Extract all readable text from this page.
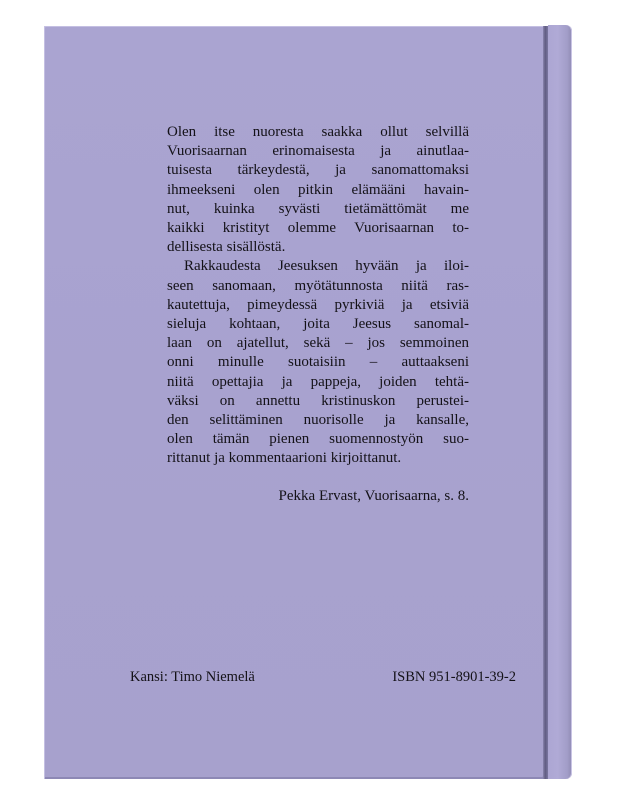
Olen itse nuoresta saakka ollut selvillä
Vuorisaarnan erinomaisesta ja ainutlaa-
tuisesta tärkeydestä, ja sanomattomaksi
ihmeekseni olen pitkin elämääni havain-
nut, kuinka syvästi tietämättömät me
kaikki kristityt olemme Vuorisaarnan to-
dellisesta sisällöstä.

Rakkaudesta Jeesuksen hyvään ja iloi-
seen sanomaan, myötätunnosta niitä ras-
kautettuja, pimeydessä pyrkiviä ja etsiviä
sieluja kohtaan, joita Jeesus sanomal-
laan on ajatellut, sekä – jos semmoinen
onni minulle suotaisiin – auttaakseni
niitä opettajia ja pappeja, joiden tehtä-
väksi on annettu kristinuskon perustei-
den selittäminen nuorisolle ja kansalle,
olen tämän pienen suomennostyön suo-
rittanut ja kommentaarioni kirjoittanut.

Pekka Ervast, Vuorisaarna, s. 8.
Kansi: Timo Niemelä	ISBN 951-8901-39-2
